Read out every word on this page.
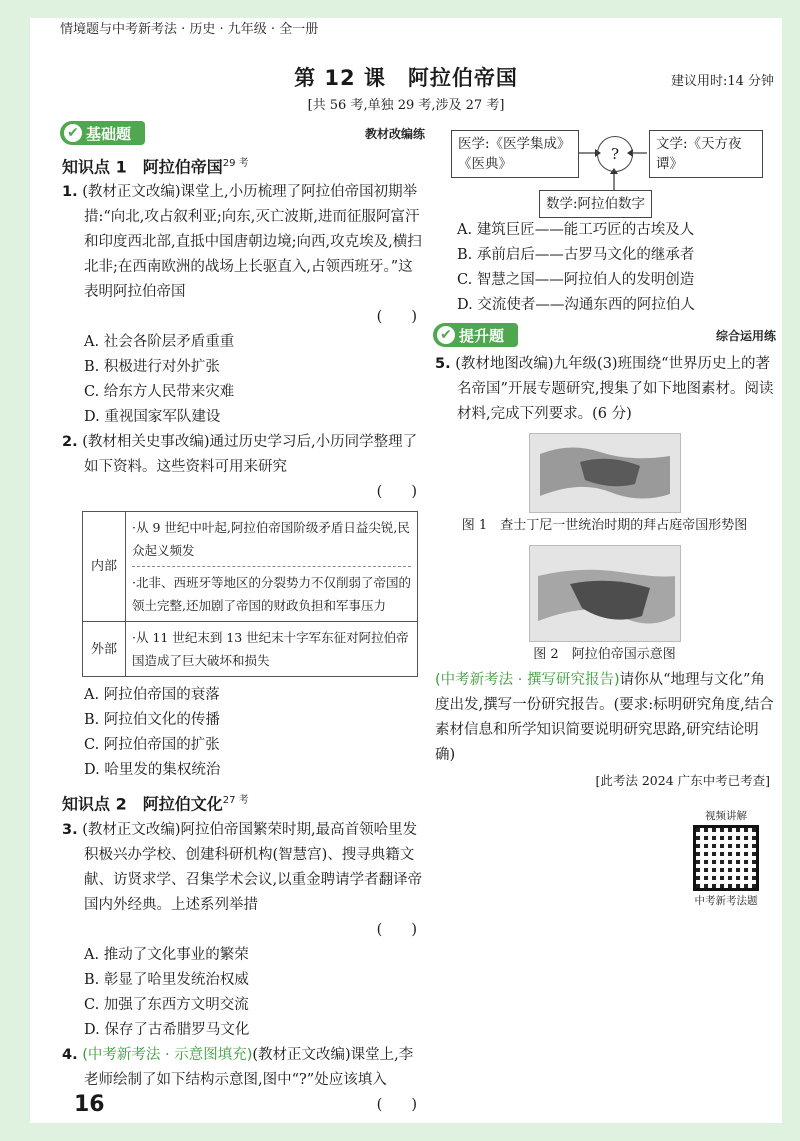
情境题与中考新考法 · 历史 · 九年级 · 全一册
第 12 课　阿拉伯帝国	建议用时:14 分钟
[共 56 考,单独 29 考,涉及 27 考]
✔ 基础题	教材改编练
知识点 1　阿拉伯帝国$^{29 考}$
1. (教材正文改编)课堂上,小历梳理了阿拉伯帝国初期举措:“向北,攻占叙利亚;向东,灭亡波斯,进而征服阿富汗和印度西北部,直抵中国唐朝边境;向西,攻克埃及,横扫北非;在西南欧洲的战场上长驱直入,占领西班牙。”这表明阿拉伯帝国
(　　)
A. 社会各阶层矛盾重重
B. 积极进行对外扩张
C. 给东方人民带来灾难
D. 重视国家军队建设
2. (教材相关史事改编)通过历史学习后,小历同学整理了如下资料。这些资料可用来研究
(　　)
内部	·从 9 世纪中叶起,阿拉伯帝国阶级矛盾日益尖锐,民众起义频发
·北非、西班牙等地区的分裂势力不仅削弱了帝国的领土完整,还加剧了帝国的财政负担和军事压力

外部	·从 11 世纪末到 13 世纪末十字军东征对阿拉伯帝国造成了巨大破坏和损失
A. 阿拉伯帝国的衰落
B. 阿拉伯文化的传播
C. 阿拉伯帝国的扩张
D. 哈里发的集权统治
知识点 2　阿拉伯文化$^{27 考}$
3. (教材正文改编)阿拉伯帝国繁荣时期,最高首领哈里发积极兴办学校、创建科研机构(智慧宫)、搜寻典籍文献、访贤求学、召集学术会议,以重金聘请学者翻译帝国内外经典。上述系列举措
(　　)
A. 推动了文化事业的繁荣
B. 彰显了哈里发统治权威
C. 加强了东西方文明交流
D. 保存了古希腊罗马文化
4. (中考新考法 · 示意图填充)(教材正文改编)课堂上,李老师绘制了如下结构示意图,图中“?”处应该填入
(　　)
医学:《医学集成》《医典》
?
文学:《天方夜谭》
数学:阿拉伯数字
A. 建筑巨匠——能工巧匠的古埃及人
B. 承前启后——古罗马文化的继承者
C. 智慧之国——阿拉伯人的发明创造
D. 交流使者——沟通东西的阿拉伯人
✔ 提升题	综合运用练
5. (教材地图改编)九年级(3)班围绕“世界历史上的著名帝国”开展专题研究,搜集了如下地图素材。阅读材料,完成下列要求。(6 分)
图 1　查士丁尼一世统治时期的拜占庭帝国形势图
图 2　阿拉伯帝国示意图
(中考新考法 · 撰写研究报告)请你从“地理与文化”角度出发,撰写一份研究报告。(要求:标明研究角度,结合素材信息和所学知识简要说明研究思路,研究结论明确)
[此考法 2024 广东中考已考查]
视频讲解
中考新考法题
16
